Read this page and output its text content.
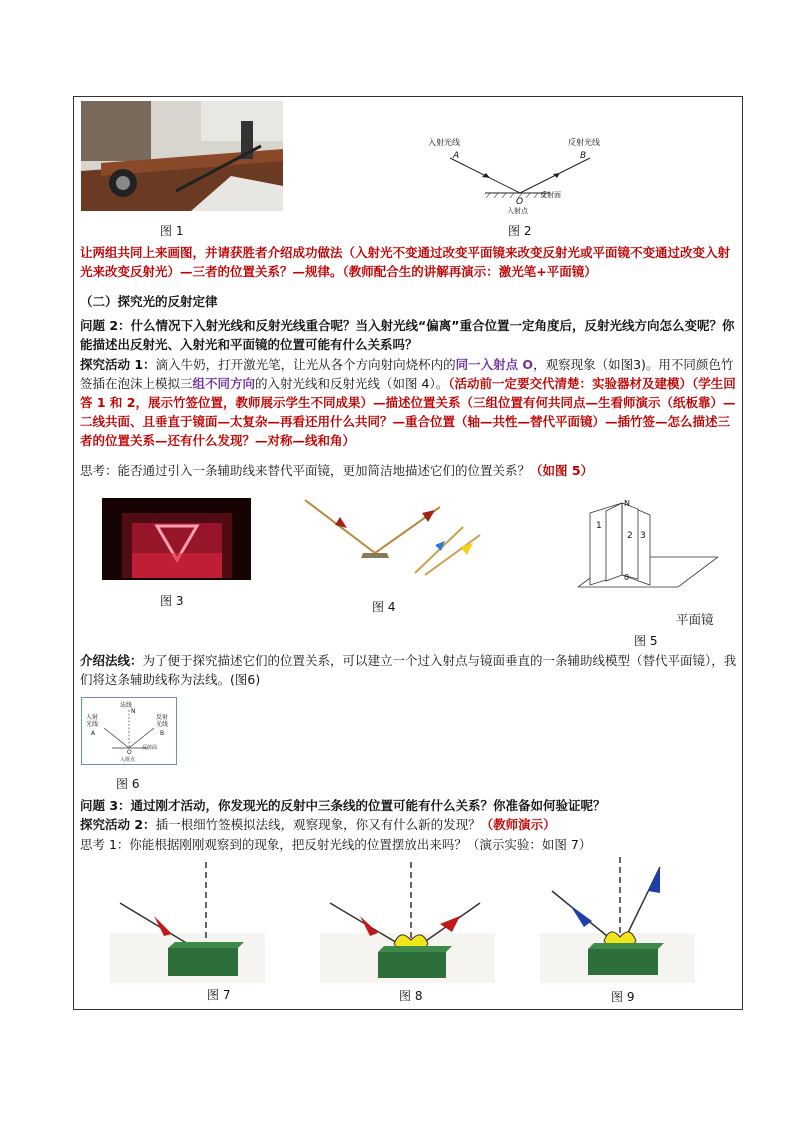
图 1
入射光线
A
反射光线
B
O
入射点
反射面
图 2
让两组共同上来画图，并请获胜者介绍成功做法（入射光不变通过改变平面镜来改变反射光或平面镜不变通过改变入射光来改变反射光）—三者的位置关系？—规律。（教师配合生的讲解再演示：激光笔+平面镜）
（二）探究光的反射定律
问题 2：什么情况下入射光线和反射光线重合呢？当入射光线“偏离”重合位置一定角度后，反射光线方向怎么变呢？你能描述出反射光、入射光和平面镜的位置可能有什么关系吗？
探究活动 1：滴入牛奶，打开激光笔，让光从各个方向射向烧杯内的同一入射点 O，观察现象（如图3)。用不同颜色竹签插在泡沫上模拟三组不同方向的入射光线和反射光线（如图 4）。（活动前一定要交代清楚：实验器材及建模）（学生回答 1 和 2，展示竹签位置，教师展示学生不同成果）—描述位置关系（三组位置有何共同点—生看师演示（纸板靠）—二线共面、且垂直于镜面—太复杂—再看还用什么共同？—重合位置（轴—共性—替代平面镜）—插竹签—怎么描述三者的位置关系—还有什么发现？—对称—线和角）
思考：能否通过引入一条辅助线来替代平面镜，更加简洁地描述它们的位置关系？（如图 5）
图 3	图 4
N
1
2 3
0
平面镜
图 5
介绍法线：为了便于探究描述它们的位置关系，可以建立一个过入射点与镜面垂直的一条辅助线模型（替代平面镜），我们将这条辅助线称为法线。(图6)
法线
N
入射光线
A
反射光线
B
O
反射面
入射点
图 6
问题 3：通过刚才活动，你发现光的反射中三条线的位置可能有什么关系？你准备如何验证呢？
探究活动 2：插一根细竹签模拟法线，观察现象，你又有什么新的发现？（教师演示）
思考 1：你能根据刚刚观察到的现象，把反射光线的位置摆放出来吗？（演示实验：如图 7）
图 7	图 8	图 9
